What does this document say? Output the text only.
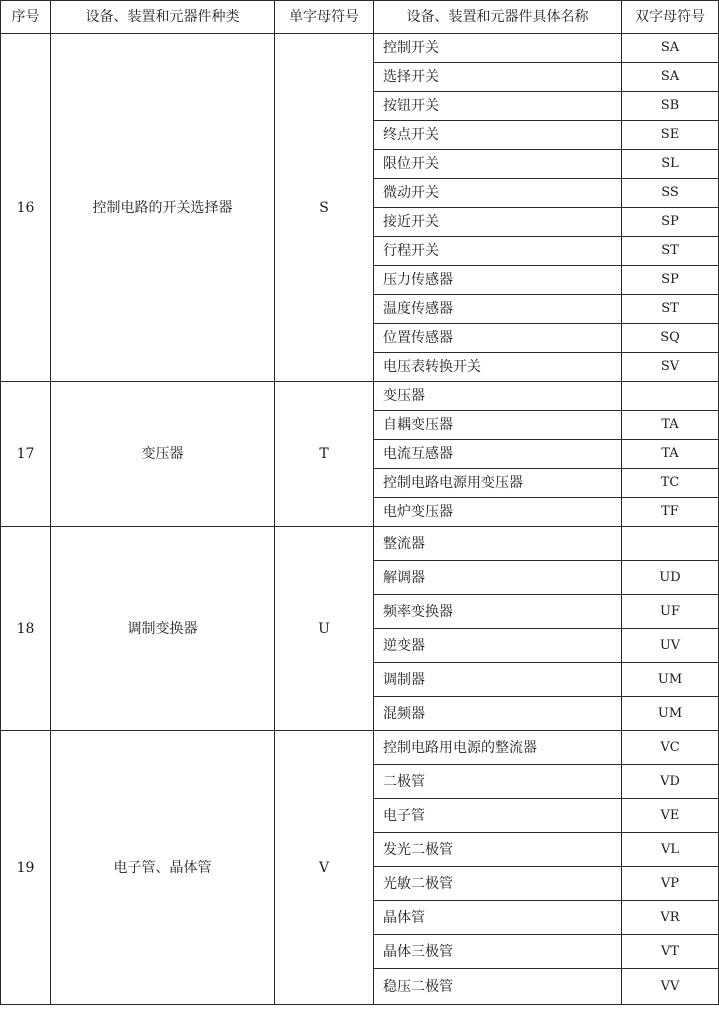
序号	设备、装置和元器件种类	单字母符号	设备、装置和元器件具体名称	双字母符号
16	控制电路的开关选择器	S	控制开关	SA
			选择开关	SA
			按钮开关	SB
			终点开关	SE
			限位开关	SL
			微动开关	SS
			接近开关	SP
			行程开关	ST
			压力传感器	SP
			温度传感器	ST
			位置传感器	SQ
			电压表转换开关	SV
17	变压器	T	变压器	
			自耦变压器	TA
			电流互感器	TA
			控制电路电源用变压器	TC
			电炉变压器	TF
18	调制变换器	U	整流器	
			解调器	UD
			频率变换器	UF
			逆变器	UV
			调制器	UM
			混频器	UM
19	电子管、晶体管	V	控制电路用电源的整流器	VC
			二极管	VD
			电子管	VE
			发光二极管	VL
			光敏二极管	VP
			晶体管	VR
			晶体三极管	VT
			稳压二极管	VV
